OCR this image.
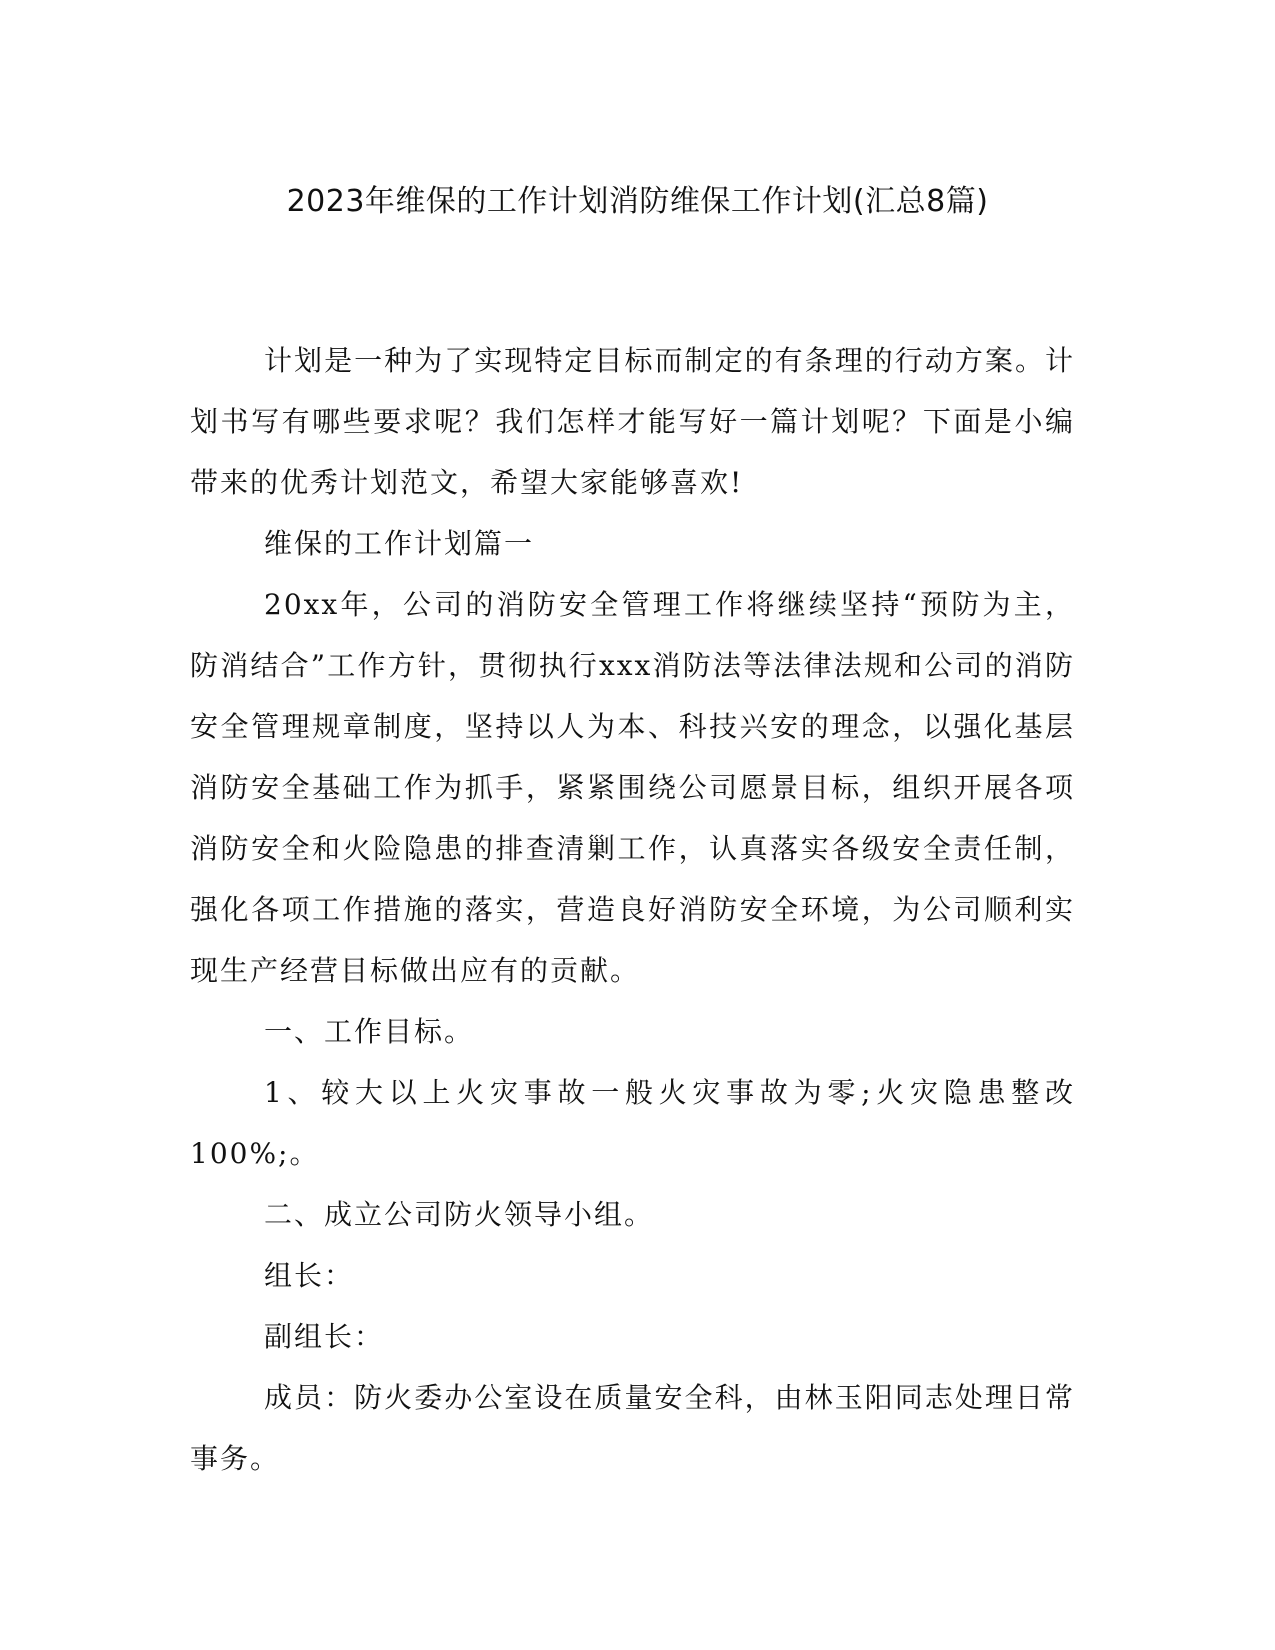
2023年维保的工作计划消防维保工作计划(汇总8篇)

计划是一种为了实现特定目标而制定的有条理的行动方案。计划书写有哪些要求呢？我们怎样才能写好一篇计划呢？下面是小编带来的优秀计划范文，希望大家能够喜欢!

维保的工作计划篇一

20xx年，公司的消防安全管理工作将继续坚持“预防为主，防消结合”工作方针，贯彻执行xxx消防法等法律法规和公司的消防安全管理规章制度，坚持以人为本、科技兴安的理念，以强化基层消防安全基础工作为抓手，紧紧围绕公司愿景目标，组织开展各项消防安全和火险隐患的排查清剿工作，认真落实各级安全责任制，强化各项工作措施的落实，营造良好消防安全环境，为公司顺利实现生产经营目标做出应有的贡献。

一、工作目标。

1、较大以上火灾事故一般火灾事故为零;火灾隐患整改100%;。

二、成立公司防火领导小组。

组长：

副组长：

成员：防火委办公室设在质量安全科，由林玉阳同志处理日常事务。
